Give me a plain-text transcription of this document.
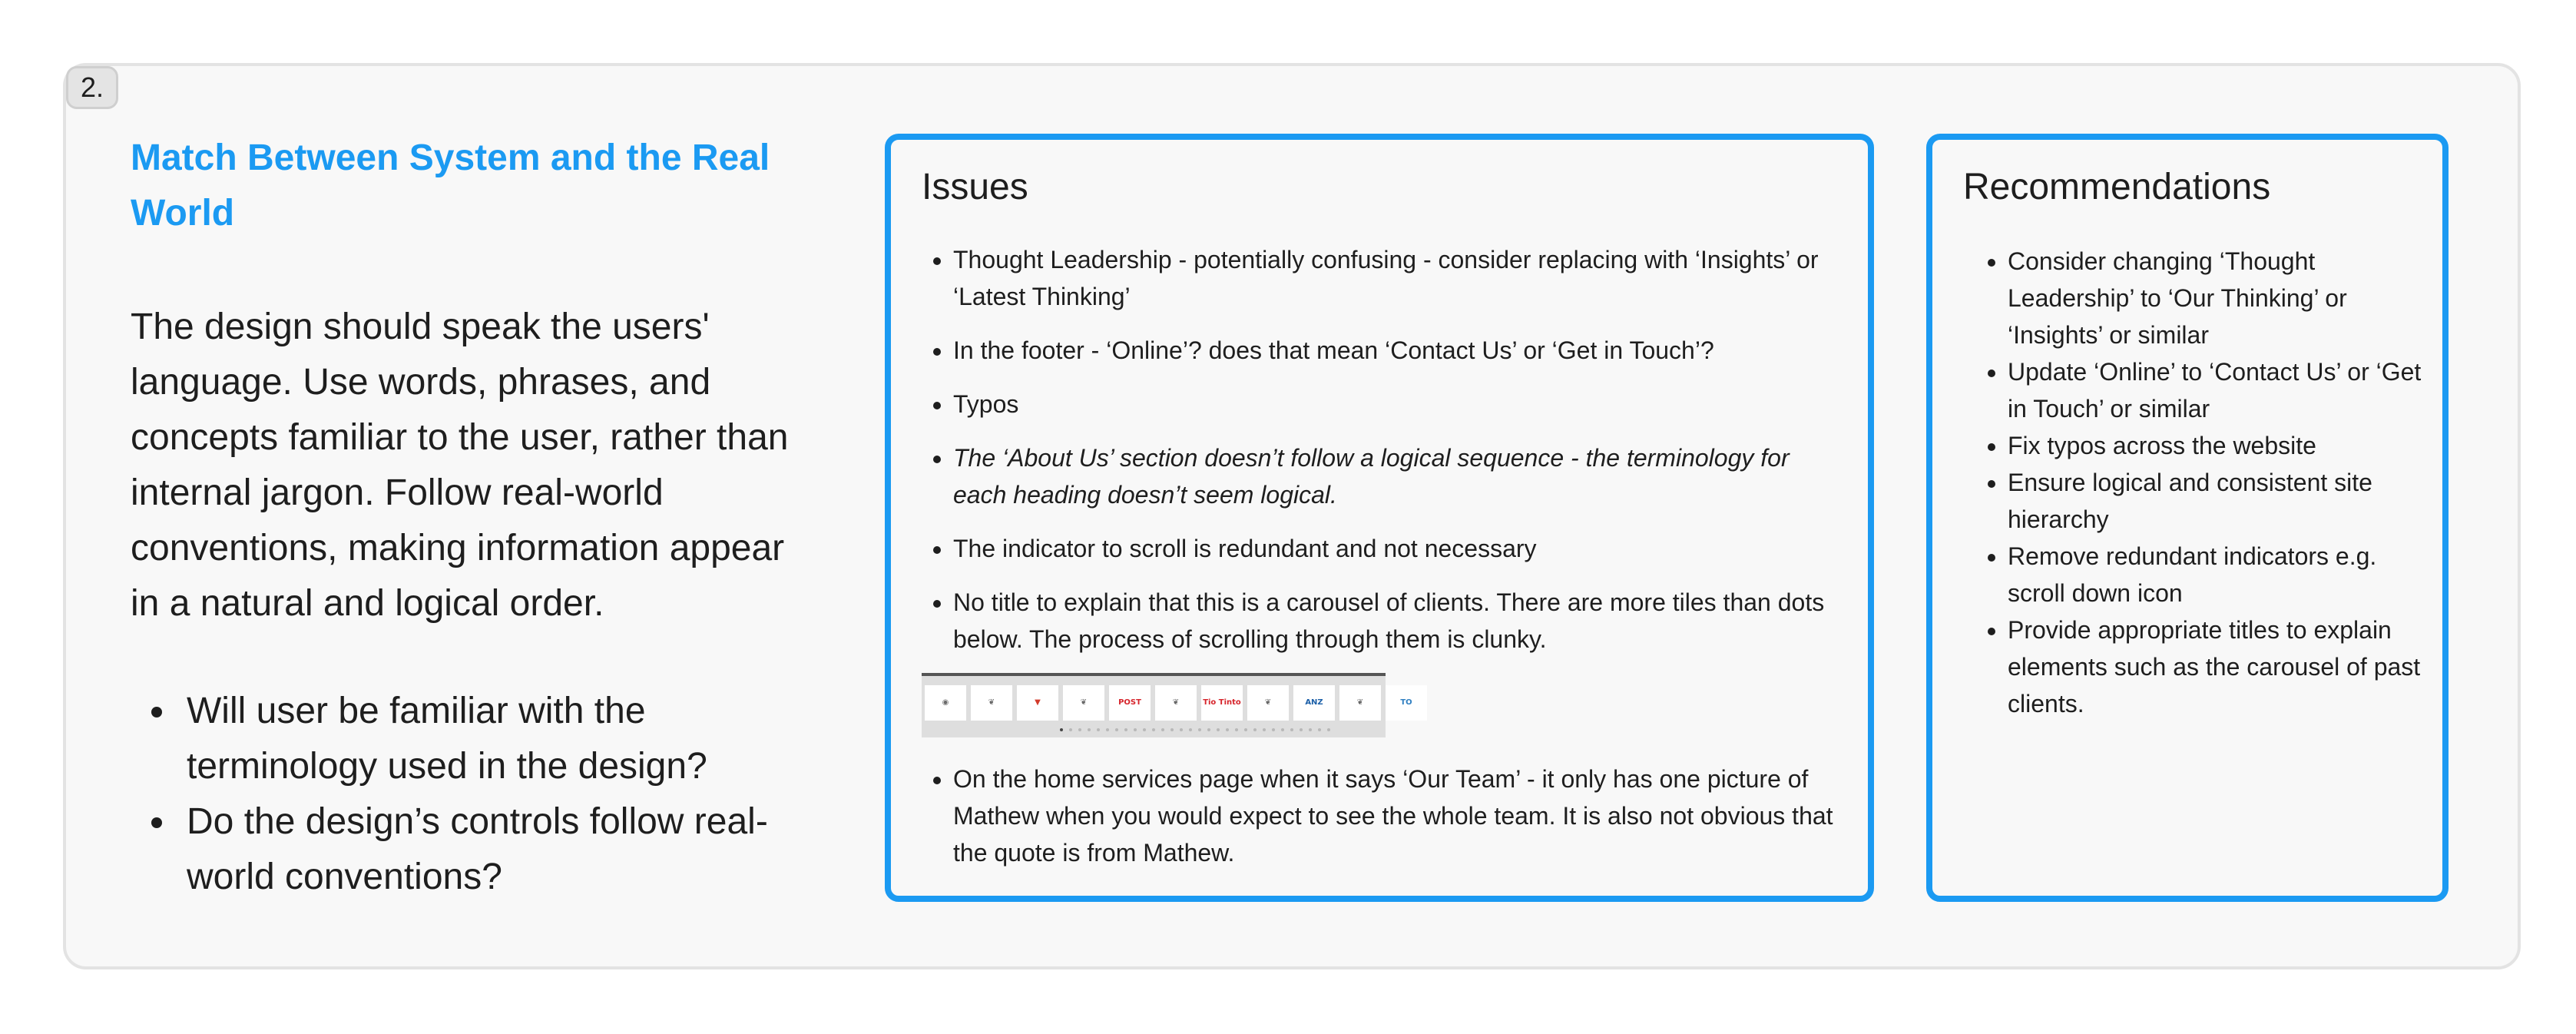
2.
Match Between System and the Real World

The design should speak the users' language. Use words, phrases, and concepts familiar to the user, rather than internal jargon. Follow real-world conventions, making information appear in a natural and logical order.

Will user be familiar with the terminology used in the design?
Do the design’s controls follow real-world conventions?
Issues
Thought Leadership - potentially confusing - consider replacing with ‘Insights’ or ‘Latest Thinking’
In the footer - ‘Online’? does that mean ‘Contact Us’ or ‘Get in Touch’?
Typos
The ‘About Us’ section doesn’t follow a logical sequence - the terminology for each heading doesn’t seem logical.
The indicator to scroll is redundant and not necessary
No title to explain that this is a carousel of clients. There are more tiles than dots below. The process of scrolling through them is clunky.
◉	❦	▼	❦	POST	❦	Tio Tinto	❦	ANZ	❦	TO
On the home services page when it says ‘Our Team’ - it only has one picture of Mathew when you would expect to see the whole team. It is also not obvious that the quote is from Mathew.
Recommendations
Consider changing ‘Thought Leadership’ to ‘Our Thinking’ or ‘Insights’ or similar
Update ‘Online’ to ‘Contact Us’ or ‘Get in Touch’ or similar
Fix typos across the website
Ensure logical and consistent site hierarchy
Remove redundant indicators e.g. scroll down icon
Provide appropriate titles to explain elements such as the carousel of past clients.
